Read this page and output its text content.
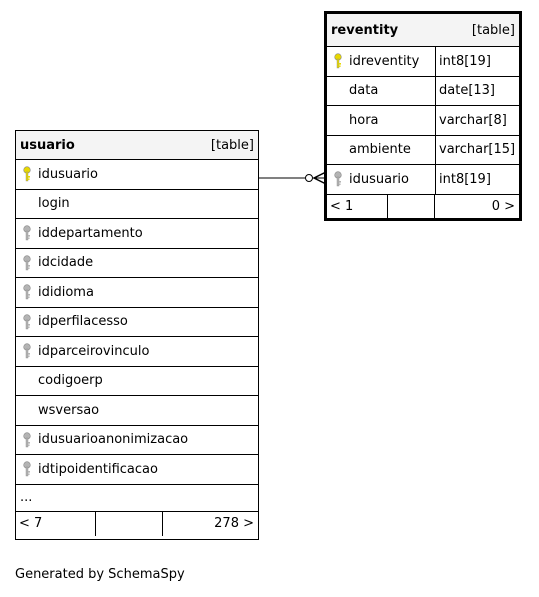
usuario	[table]
idusuario
login
iddepartamento
idcidade
ididioma
idperfilacesso
idparceirovinculo
codigoerp
wsversao
idusuarioanonimizacao
idtipoidentificacao
...
< 7	278 >
reventity	[table]
idreventity	int8[19]
data	date[13]
hora	varchar[8]
ambiente	varchar[15]
idusuario	int8[19]
< 1	0 >
Generated by SchemaSpy
